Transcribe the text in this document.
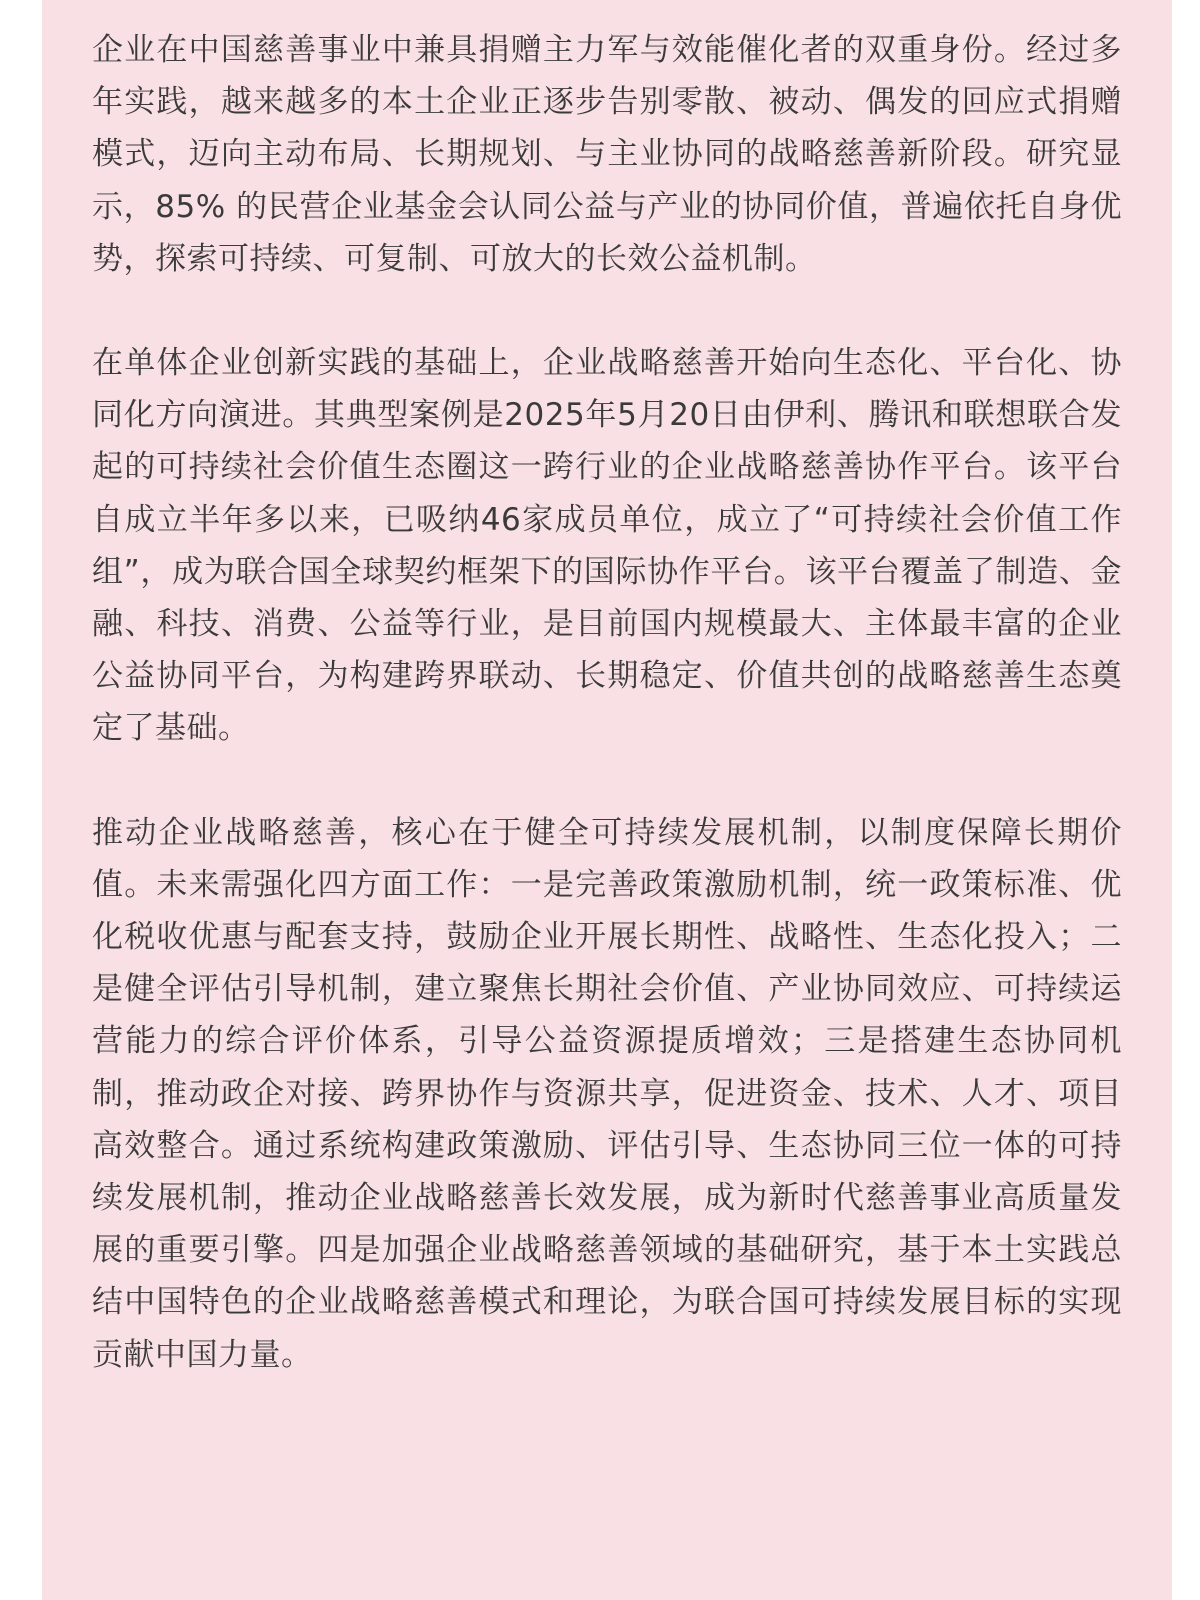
企业在中国慈善事业中兼具捐赠主力军与效能催化者的双重身份。经过多年实践，越来越多的本土企业正逐步告别零散、被动、偶发的回应式捐赠模式，迈向主动布局、长期规划、与主业协同的战略慈善新阶段。研究显示，85% 的民营企业基金会认同公益与产业的协同价值，普遍依托自身优势，探索可持续、可复制、可放大的长效公益机制。

在单体企业创新实践的基础上，企业战略慈善开始向生态化、平台化、协同化方向演进。其典型案例是2025年5月20日由伊利、腾讯和联想联合发起的可持续社会价值生态圈这一跨行业的企业战略慈善协作平台。该平台自成立半年多以来，已吸纳46家成员单位，成立了“可持续社会价值工作组”，成为联合国全球契约框架下的国际协作平台。该平台覆盖了制造、金融、科技、消费、公益等行业，是目前国内规模最大、主体最丰富的企业公益协同平台，为构建跨界联动、长期稳定、价值共创的战略慈善生态奠定了基础。

推动企业战略慈善，核心在于健全可持续发展机制，以制度保障长期价值。未来需强化四方面工作：一是完善政策激励机制，统一政策标准、优化税收优惠与配套支持，鼓励企业开展长期性、战略性、生态化投入；二是健全评估引导机制，建立聚焦长期社会价值、产业协同效应、可持续运营能力的综合评价体系，引导公益资源提质增效；三是搭建生态协同机制，推动政企对接、跨界协作与资源共享，促进资金、技术、人才、项目高效整合。通过系统构建政策激励、评估引导、生态协同三位一体的可持续发展机制，推动企业战略慈善长效发展，成为新时代慈善事业高质量发展的重要引擎。四是加强企业战略慈善领域的基础研究，基于本土实践总结中国特色的企业战略慈善模式和理论，为联合国可持续发展目标的实现贡献中国力量。
